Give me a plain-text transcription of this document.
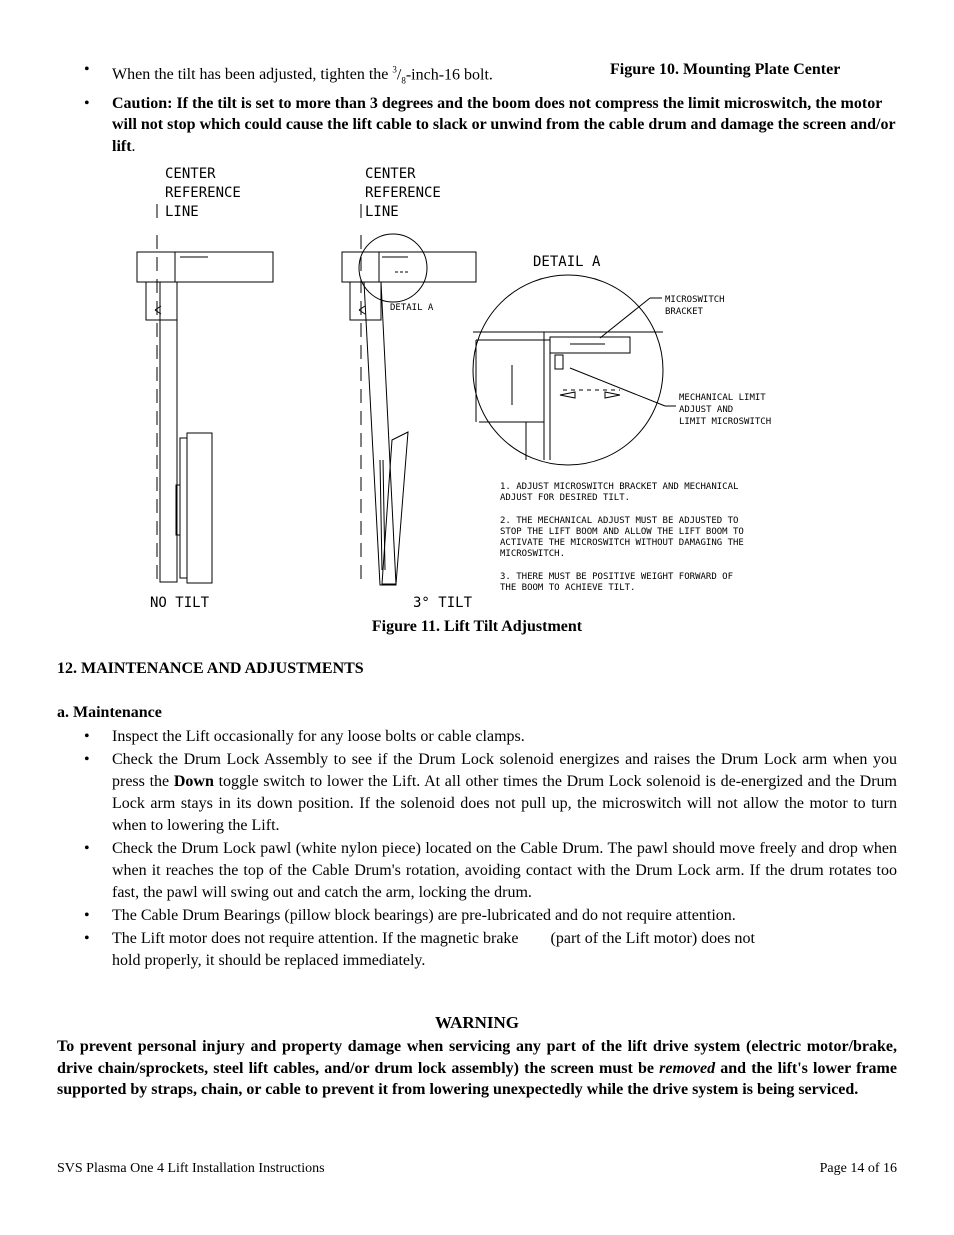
• When the tilt has been adjusted, tighten the $^3/_8-inch-16$ bolt.	Figure 10. Mounting Plate Center
• Caution: If the tilt is set to more than 3 degrees and the boom does not compress the limit microswitch, the motor will not stop which could cause the lift cable to slack or unwind from the cable drum and damage the screen and/or lift.
CENTER
REFERENCE
LINE
CENTER
REFERENCE
LINE
DETAIL A
NO TILT	3° TILT
DETAIL A
MICROSWITCH
BRACKET
MECHANICAL LIMIT
ADJUST AND
LIMIT MICROSWITCH
1. ADJUST MICROSWITCH BRACKET AND MECHANICAL
ADJUST FOR DESIRED TILT.
2. THE MECHANICAL ADJUST MUST BE ADJUSTED TO
STOP THE LIFT BOOM AND ALLOW THE LIFT BOOM TO
ACTIVATE THE MICROSWITCH WITHOUT DAMAGING THE
MICROSWITCH.
3. THERE MUST BE POSITIVE WEIGHT FORWARD OF
THE BOOM TO ACHIEVE TILT.
Figure 11. Lift Tilt Adjustment
12. MAINTENANCE AND ADJUSTMENTS
a. Maintenance
• Inspect the Lift occasionally for any loose bolts or cable clamps.
• Check the Drum Lock Assembly to see if the Drum Lock solenoid energizes and raises the Drum Lock arm when you press the Down toggle switch to lower the Lift. At all other times the Drum Lock solenoid is de-energized and the Drum Lock arm stays in its down position. If the solenoid does not pull up, the microswitch will not allow the motor to turn when to lowering the Lift.
• Check the Drum Lock pawl (white nylon piece) located on the Cable Drum. The pawl should move freely and drop when when it reaches the top of the Cable Drum's rotation, avoiding contact with the Drum Lock arm. If the drum rotates too fast, the pawl will swing out and catch the arm, locking the drum.
• The Cable Drum Bearings (pillow block bearings) are pre-lubricated and do not require attention.
• The Lift motor does not require attention. If the magnetic brake        (part of the Lift motor) does not
hold properly, it should be replaced immediately.
WARNING
To prevent personal injury and property damage when servicing any part of the lift drive system (electric motor/brake, drive chain/sprockets, steel lift cables, and/or drum lock assembly) the screen must be removed and the lift's lower frame supported by straps, chain, or cable to prevent it from lowering unexpectedly while the drive system is being serviced.
SVS Plasma One 4 Lift Installation Instructions	Page 14 of 16
